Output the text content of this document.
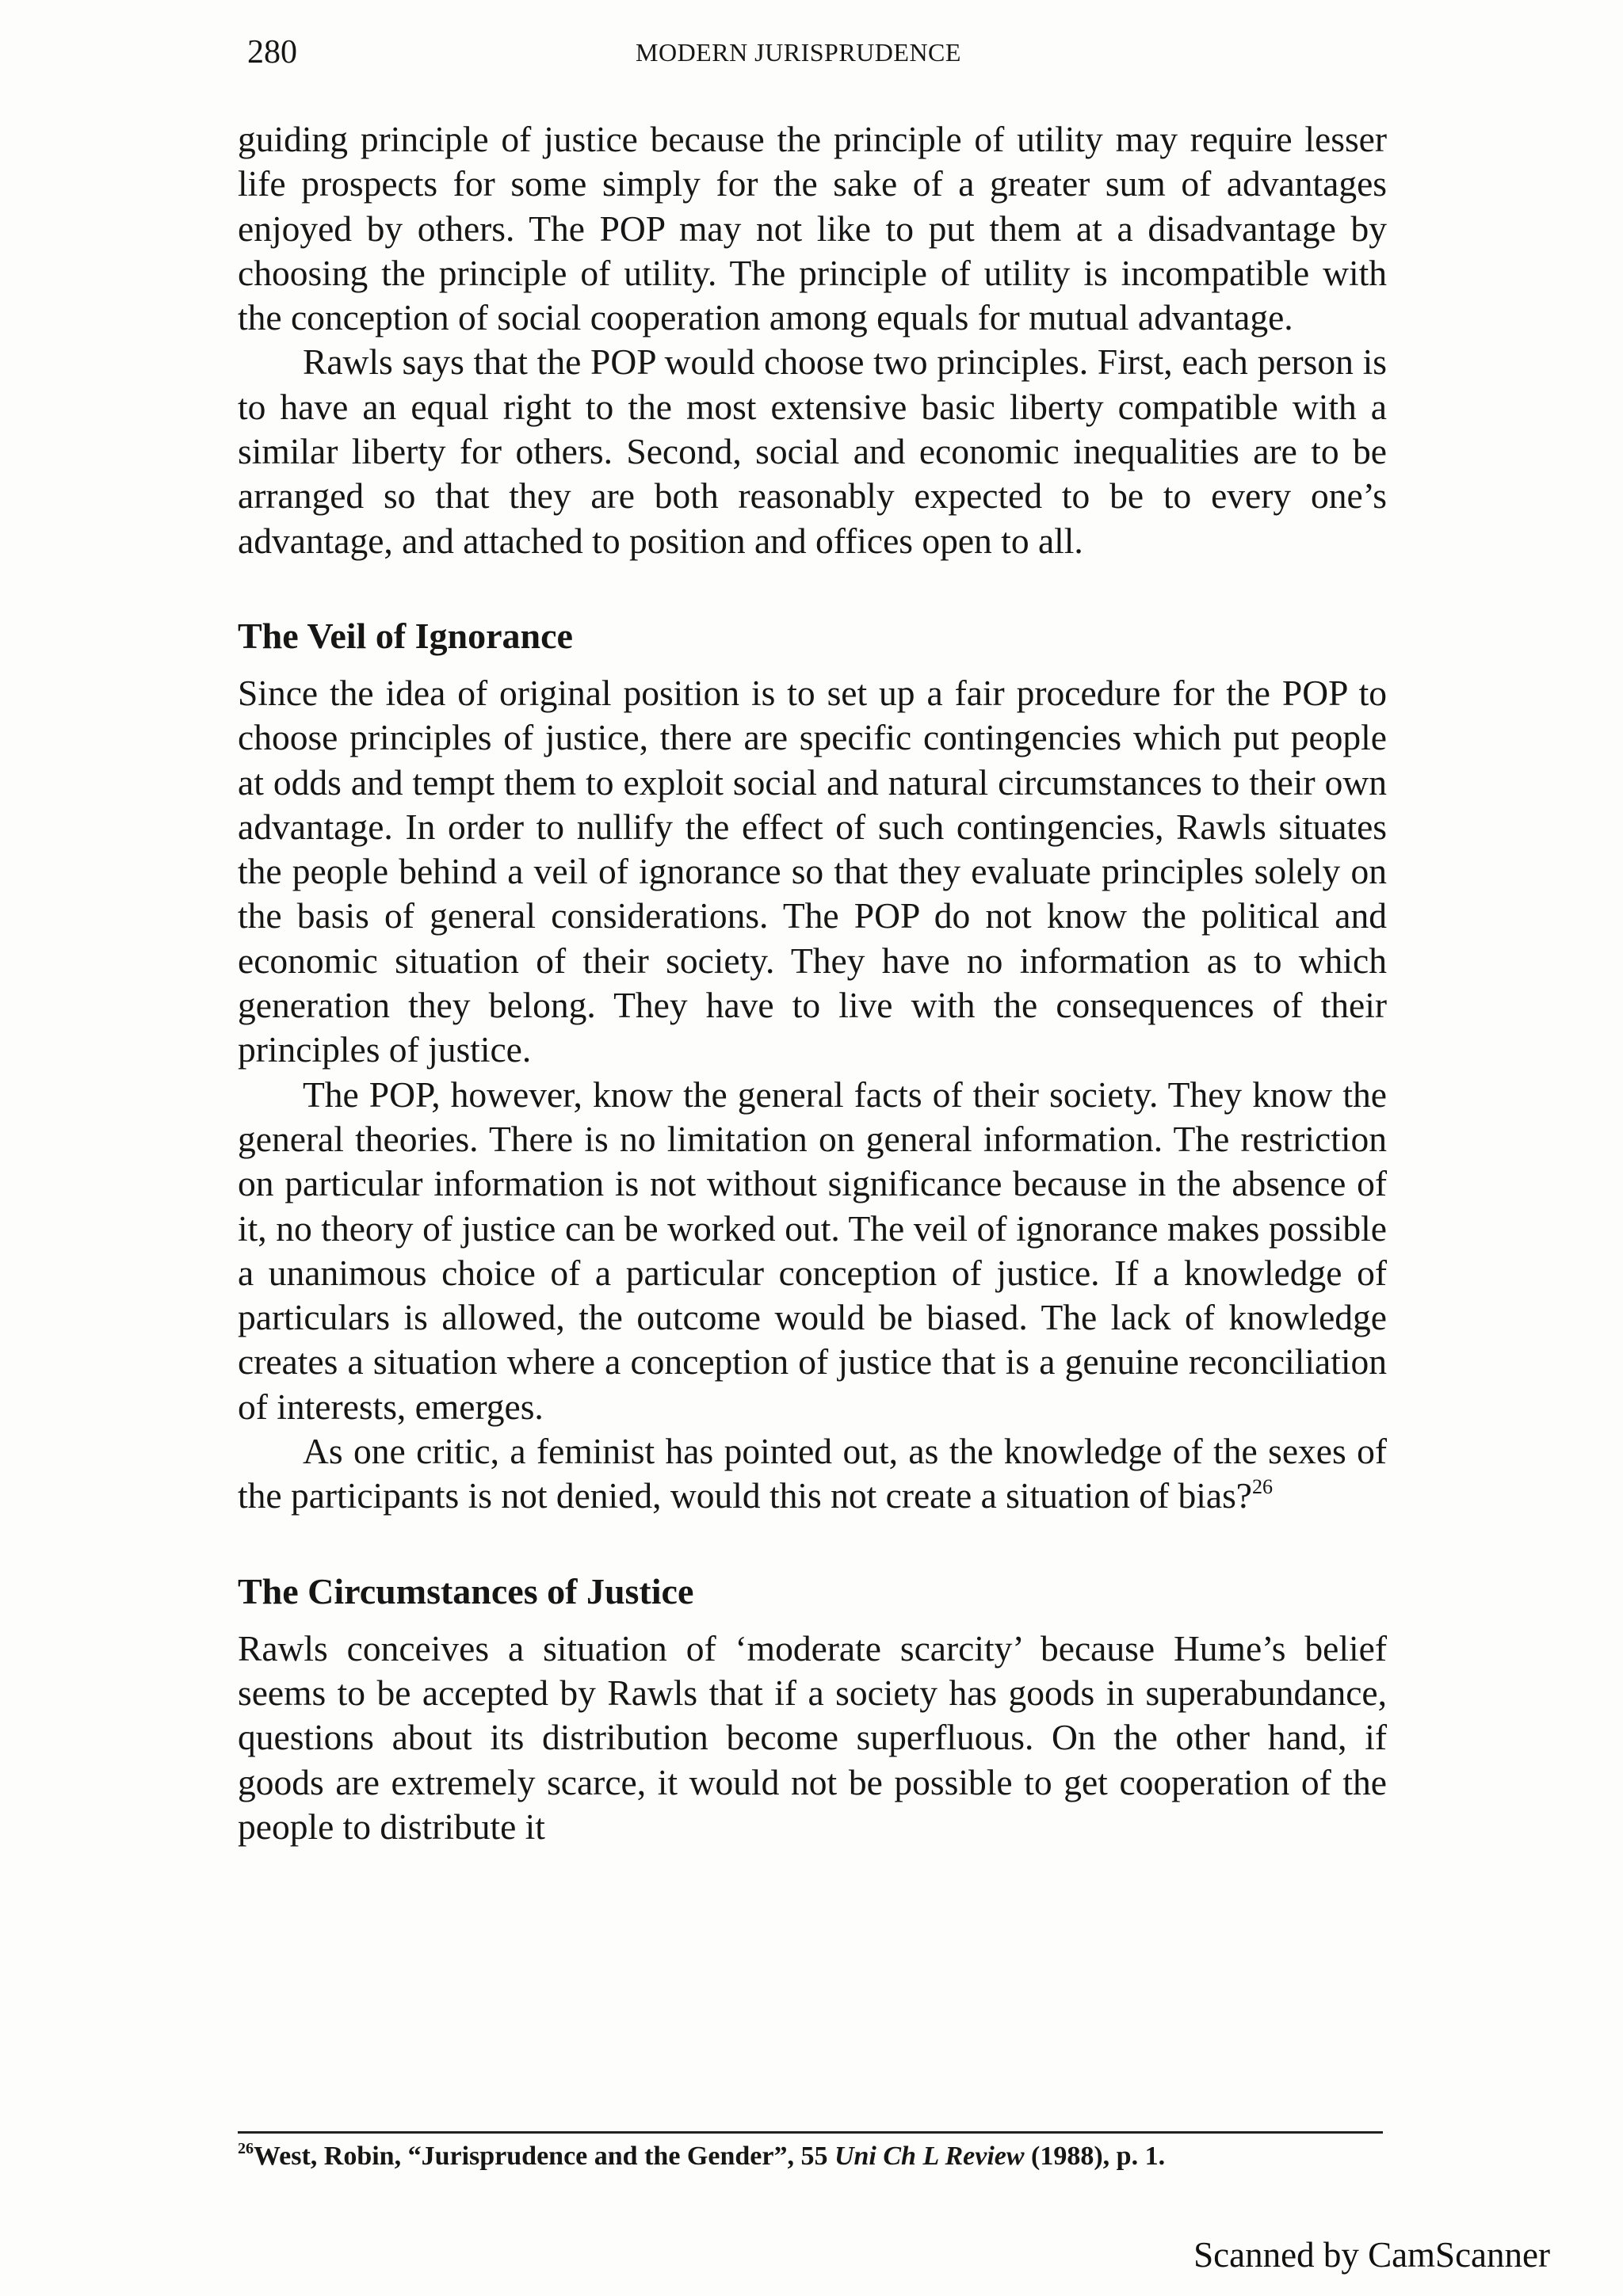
280	MODERN JURISPRUDENCE

guiding principle of justice because the principle of utility may require lesser life prospects for some simply for the sake of a greater sum of advantages enjoyed by others. The POP may not like to put them at a disadvantage by choosing the principle of utility. The principle of utility is incompatible with the conception of social cooperation among equals for mutual advantage.

Rawls says that the POP would choose two principles. First, each person is to have an equal right to the most extensive basic liberty compatible with a similar liberty for others. Second, social and economic inequalities are to be arranged so that they are both reasonably expected to be to every one’s advantage, and attached to position and offices open to all.

The Veil of Ignorance

Since the idea of original position is to set up a fair procedure for the POP to choose principles of justice, there are specific contingencies which put people at odds and tempt them to exploit social and natural circumstances to their own advantage. In order to nullify the effect of such contingencies, Rawls situates the people behind a veil of ignorance so that they evaluate principles solely on the basis of general considerations. The POP do not know the political and economic situation of their society. They have no information as to which generation they belong. They have to live with the consequences of their principles of justice.

The POP, however, know the general facts of their society. They know the general theories. There is no limitation on general information. The restriction on particular information is not without significance because in the absence of it, no theory of justice can be worked out. The veil of ignorance makes possible a unanimous choice of a particular conception of justice. If a knowledge of particulars is allowed, the outcome would be biased. The lack of knowledge creates a situation where a conception of justice that is a genuine reconciliation of interests, emerges.

As one critic, a feminist has pointed out, as the knowledge of the sexes of the participants is not denied, would this not create a situation of bias?$^{26}$

The Circumstances of Justice

Rawls conceives a situation of ‘moderate scarcity’ because Hume’s belief seems to be accepted by Rawls that if a society has goods in superabundance, questions about its distribution become superfluous. On the other hand, if goods are extremely scarce, it would not be possible to get cooperation of the people to distribute it

$^{26}$West, Robin, “Jurisprudence and the Gender”, 55 Uni Ch L Review (1988), p. 1.
Scanned by CamScanner
